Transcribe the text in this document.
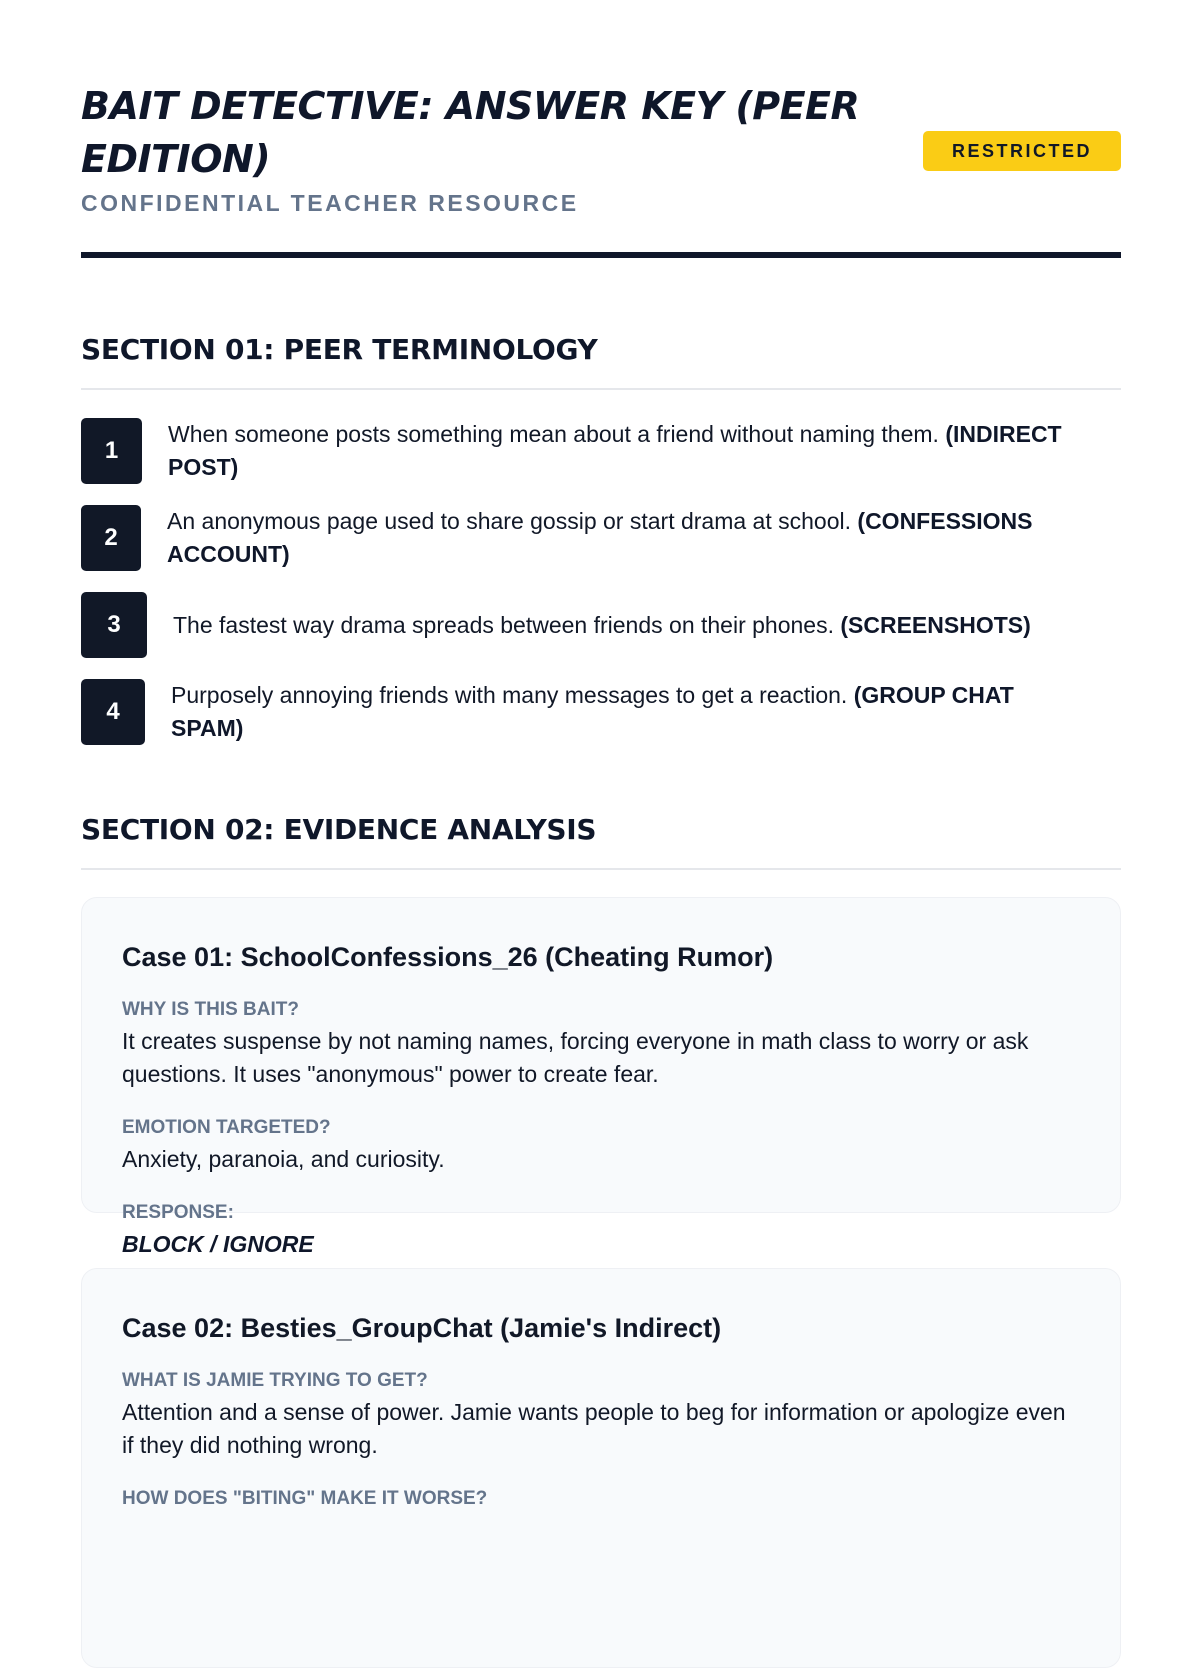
BAIT DETECTIVE: ANSWER KEY (PEER EDITION)
CONFIDENTIAL TEACHER RESOURCE
RESTRICTED
SECTION 01: PEER TERMINOLOGY
1
When someone posts something mean about a friend without naming them. (INDIRECT POST)
2
An anonymous page used to share gossip or start drama at school. (CONFESSIONS ACCOUNT)
3	The fastest way drama spreads between friends on their phones. (SCREENSHOTS)
4
Purposely annoying friends with many messages to get a reaction. (GROUP CHAT SPAM)
SECTION 02: EVIDENCE ANALYSIS
Case 01: SchoolConfessions_26 (Cheating Rumor)
WHY IS THIS BAIT?
It creates suspense by not naming names, forcing everyone in math class to worry or ask questions. It uses "anonymous" power to create fear.
EMOTION TARGETED?
Anxiety, paranoia, and curiosity.
RESPONSE:
BLOCK / IGNORE
Case 02: Besties_GroupChat (Jamie's Indirect)
WHAT IS JAMIE TRYING TO GET?
Attention and a sense of power. Jamie wants people to beg for information or apologize even if they did nothing wrong.
HOW DOES "BITING" MAKE IT WORSE?
